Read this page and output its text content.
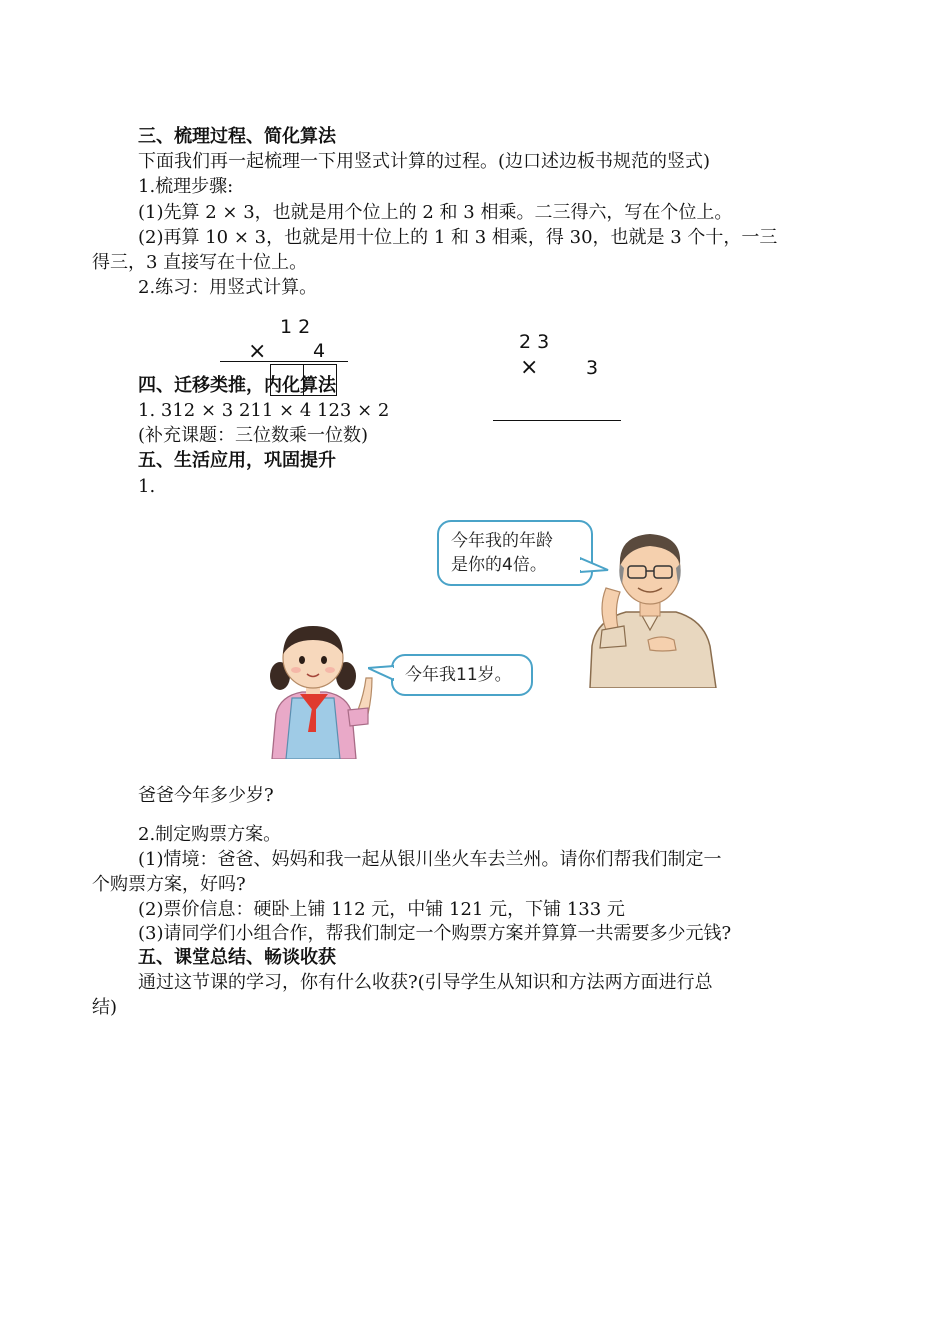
三、梳理过程、简化算法
下面我们再一起梳理一下用竖式计算的过程。(边口述边板书规范的竖式)
1.梳理步骤:
(1)先算 2 × 3，也就是用个位上的 2 和 3 相乘。二三得六，写在个位上。
(2)再算 10 × 3，也就是用十位上的 1 和 3 相乘，得 30，也就是 3 个十，一三
得三，3 直接写在十位上。
2.练习：用竖式计算。
1 2
× 4	2 3
×	3
四、迁移类推，内化算法
1. 312 × 3 211 × 4 123 × 2
(补充课题：三位数乘一位数)
五、生活应用，巩固提升
1.
今年我的年龄
是你的4倍。
今年我11岁。
爸爸今年多少岁?
2.制定购票方案。
(1)情境：爸爸、妈妈和我一起从银川坐火车去兰州。请你们帮我们制定一
个购票方案，好吗?
(2)票价信息：硬卧上铺 112 元，中铺 121 元，下铺 133 元
(3)请同学们小组合作，帮我们制定一个购票方案并算算一共需要多少元钱?
五、课堂总结、畅谈收获
通过这节课的学习，你有什么收获?(引导学生从知识和方法两方面进行总
结)
